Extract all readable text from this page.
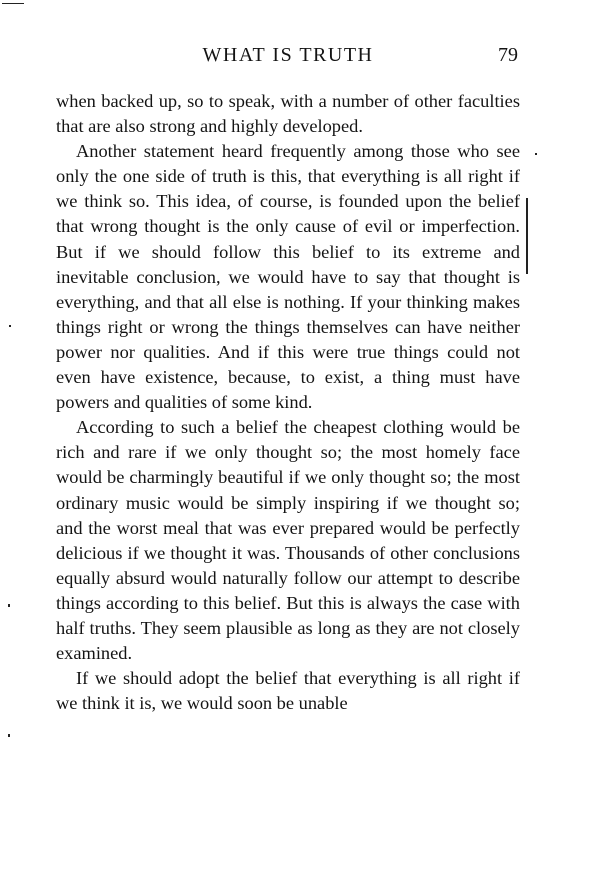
WHAT IS TRUTH	79

when backed up, so to speak, with a number of other faculties that are also strong and highly developed.

Another statement heard frequently among those who see only the one side of truth is this, that everything is all right if we think so. This idea, of course, is founded upon the belief that wrong thought is the only cause of evil or imperfection. But if we should follow this belief to its extreme and inevitable conclusion, we would have to say that thought is everything, and that all else is nothing. If your thinking makes things right or wrong the things themselves can have neither power nor qualities. And if this were true things could not even have existence, because, to exist, a thing must have powers and qualities of some kind.

According to such a belief the cheapest clothing would be rich and rare if we only thought so; the most homely face would be charmingly beautiful if we only thought so; the most ordinary music would be simply inspiring if we thought so; and the worst meal that was ever prepared would be perfectly delicious if we thought it was. Thousands of other conclusions equally absurd would naturally follow our attempt to describe things according to this belief. But this is always the case with half truths. They seem plausible as long as they are not closely examined.

If we should adopt the belief that everything is all right if we think it is, we would soon be unable
